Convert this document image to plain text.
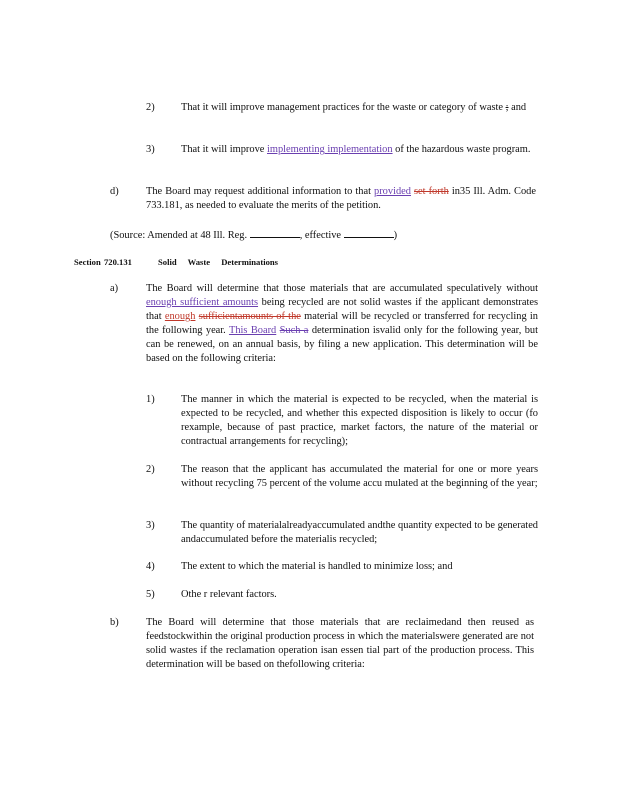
2)	That it will improve management practices for the waste or category of waste ; and
3)	That it will improve implementing implementation of the hazardous waste program.
d)	The Board may request additional information to that provided set forth in35 Ill. Adm. Code 733.181, as needed to evaluate the merits of the petition.
(Source: Amended at 48 Ill. Reg.	, effective	)
Section 720.131	Solid Waste Determinations
a)	The Board will determine that those materials that are accumulated speculatively without enough sufficient amounts being recycled are not solid wastes if the applicant demonstrates that enough sufficientamounts of the material will be recycled or transferred for recycling in the following year. This Board Such a determination isvalid only for the following year, but can be renewed, on an annual basis, by filing a new application. This determination will be based on the following criteria:
1)	The manner in which the material is expected to be recycled, when the material is expected to be recycled, and whether this expected disposition is likely to occur (fo rexample, because of past practice, market factors, the nature of the material or contractual arrangements for recycling);
2)	The reason that the applicant has accumulated the material for one or more years without recycling 75 percent of the volume accu mulated at the beginning of the year;
3)	The quantity of materialalreadyaccumulated andthe quantity expected to be generated andaccumulated before the materialis recycled;
4)	The extent to which the material is handled to minimize loss; and
5)	Othe r relevant factors.
b)	The Board will determine that those materials that are reclaimedand then reused as feedstockwithin the original production process in which the materialswere generated are not solid wastes if the reclamation operation isan essen tial part of the production process. This determination will be based on thefollowing criteria:
